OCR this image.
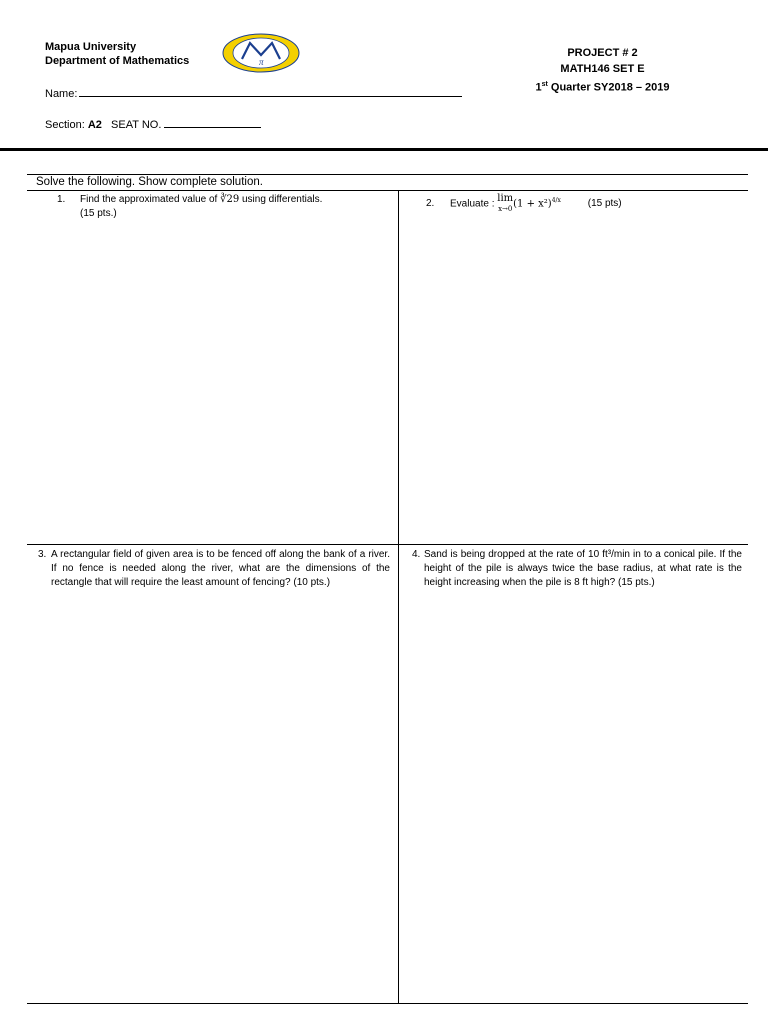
Mapua University
Department of Mathematics	π
PROJECT # 2
MATH146 SET E
1st Quarter SY2018 – 2019
Name:
Section: A2 SEAT NO.
Solve the following. Show complete solution.
1.	Find the approximated value of ∛29 using differentials.
(15 pts.)
2. Evaluate : lim
$x\to 0(1 + x^2)^{4/x}$	(15 pts)
3. A rectangular field of given area is to be fenced off along the bank of a river. If no fence is needed along the river, what are the dimensions of the rectangle that will require the least amount of fencing? (10 pts.)
4. Sand is being dropped at the rate of 10 ft³/min in to a conical pile. If the height of the pile is always twice the base radius, at what rate is the height increasing when the pile is 8 ft high? (15 pts.)
